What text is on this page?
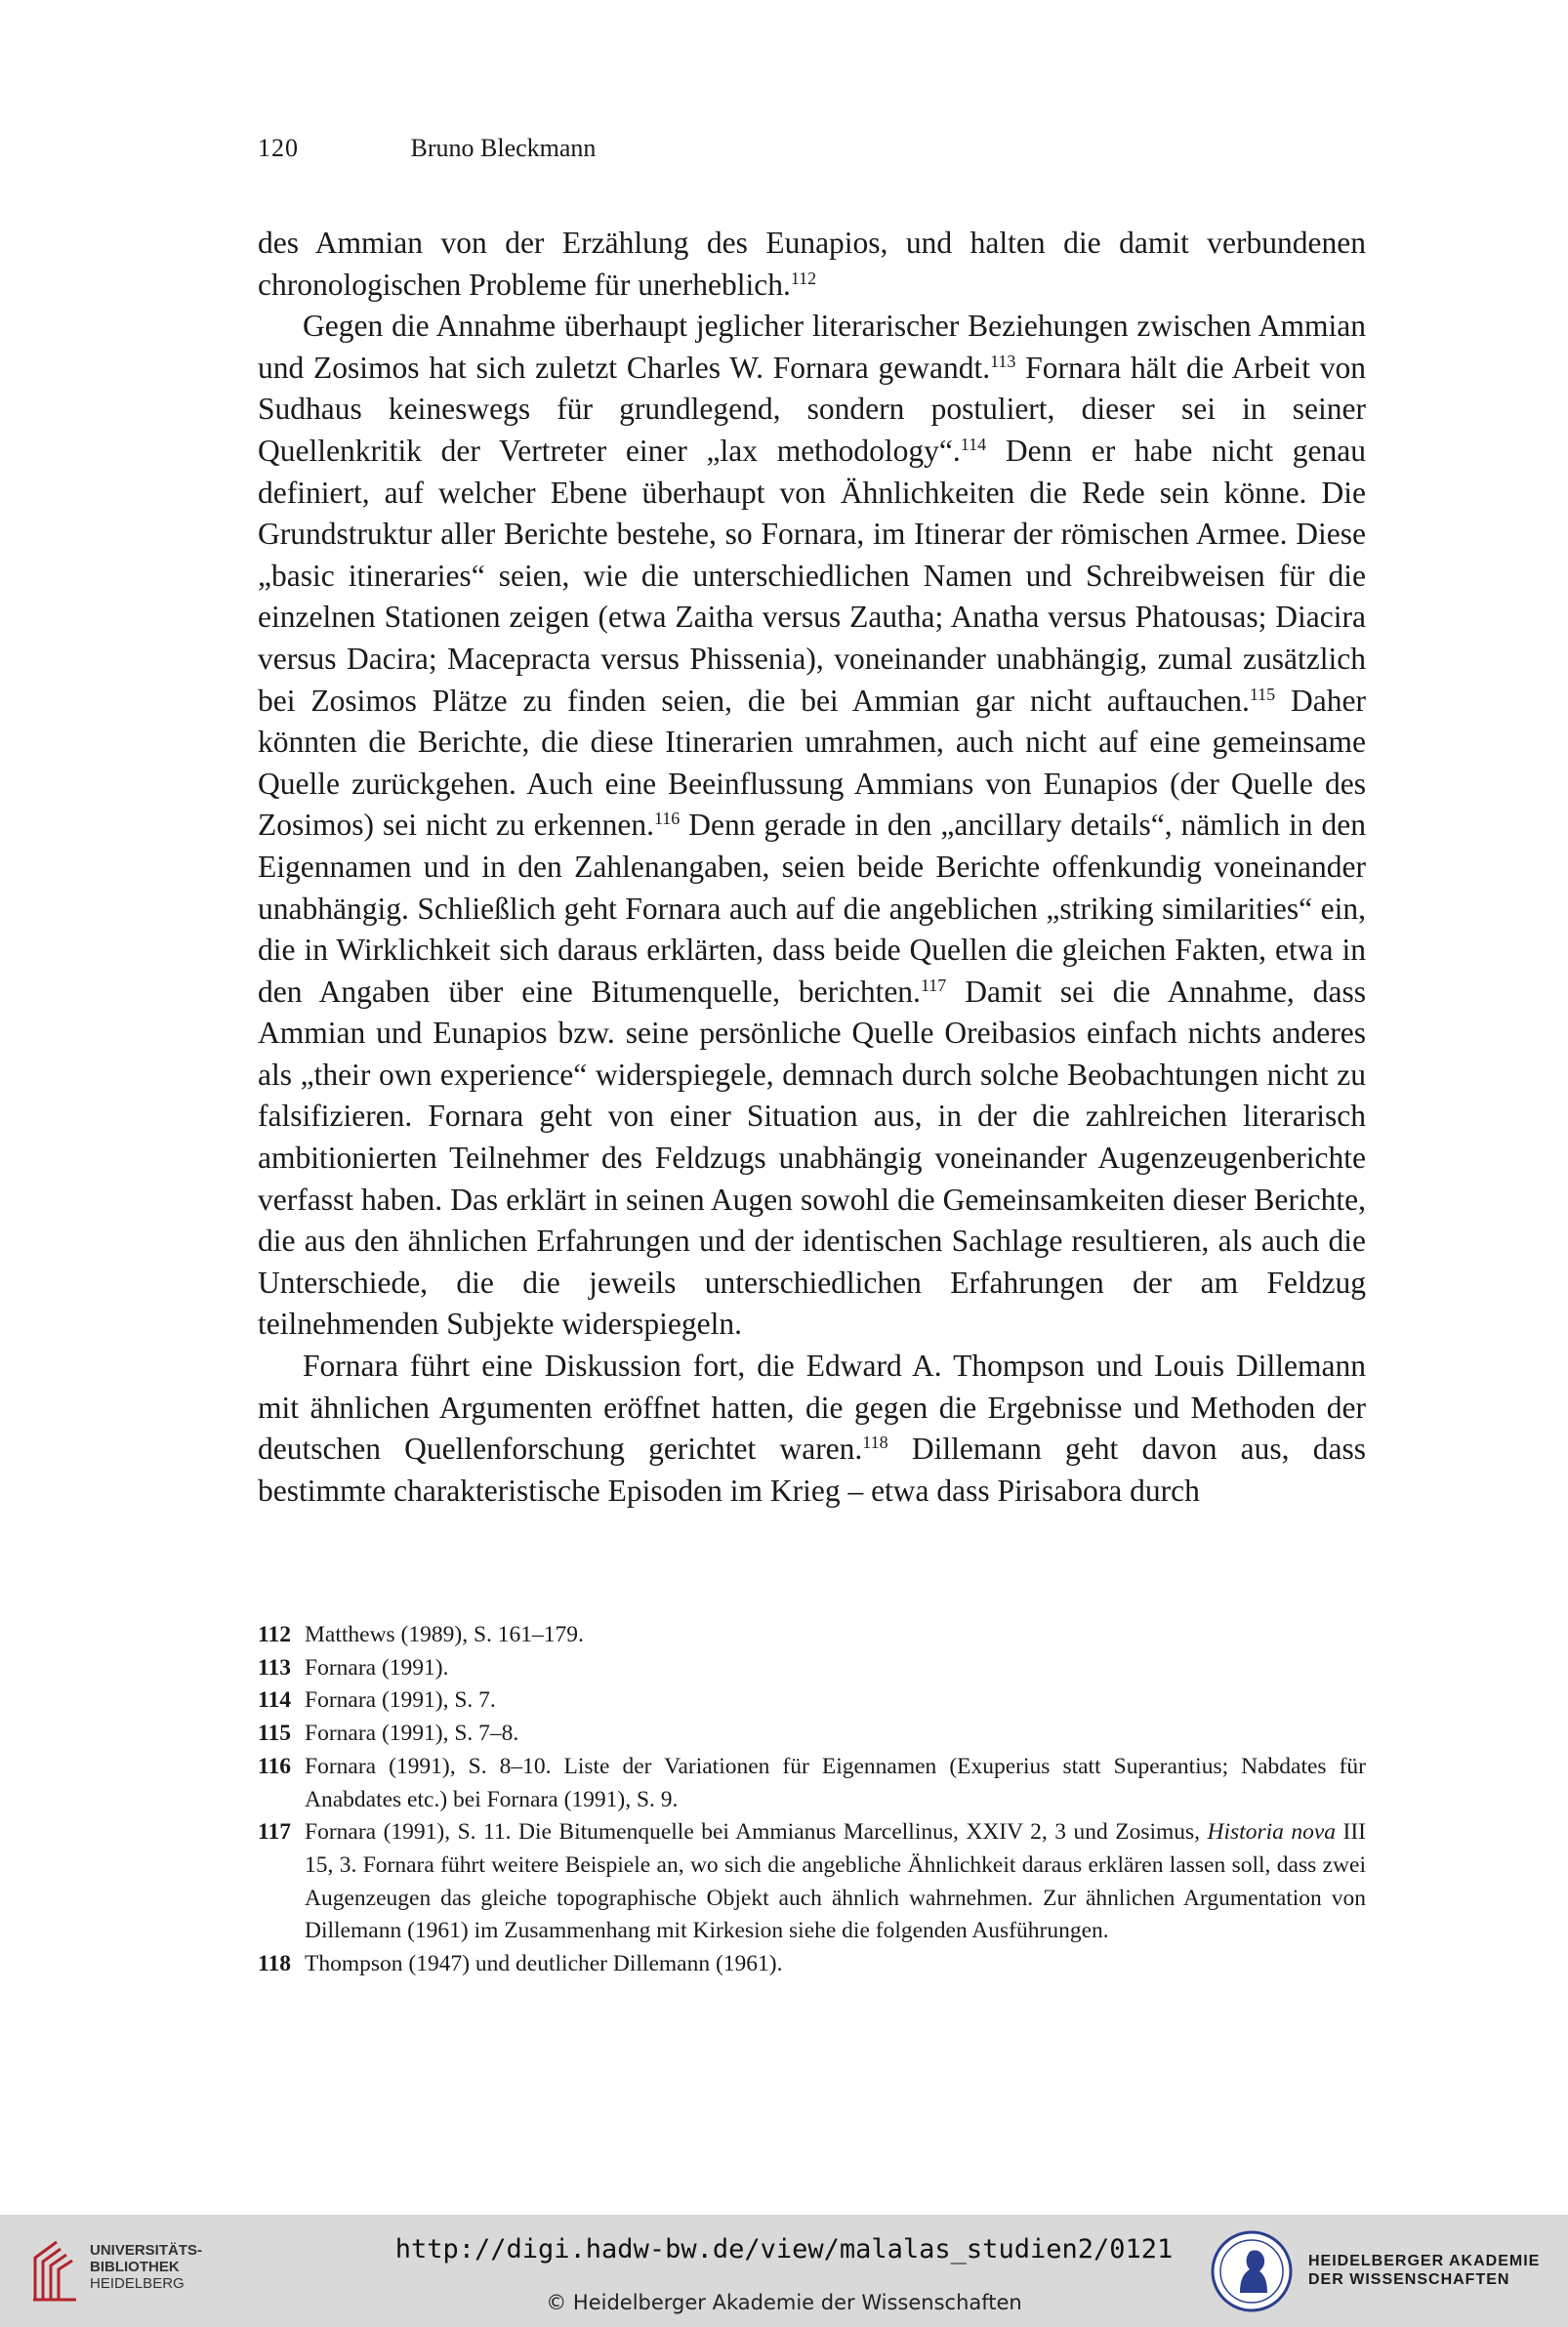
120	Bruno Bleckmann

des Ammian von der Erzählung des Eunapios, und halten die damit verbundenen chronologischen Probleme für unerheblich.$^{112}$

Gegen die Annahme überhaupt jeglicher literarischer Beziehungen zwischen Ammian und Zosimos hat sich zuletzt Charles W. Fornara gewandt.$^{113}$ Fornara hält die Arbeit von Sudhaus keineswegs für grundlegend, sondern postuliert, dieser sei in seiner Quellenkritik der Vertreter einer „lax methodology“.$^{114}$ Denn er habe nicht genau definiert, auf welcher Ebene überhaupt von Ähnlichkeiten die Rede sein könne. Die Grundstruktur aller Berichte bestehe, so Fornara, im Itinerar der römischen Armee. Diese „basic itineraries“ seien, wie die unterschiedlichen Namen und Schreibweisen für die einzelnen Stationen zeigen (etwa Zaitha versus Zautha; Anatha versus Phatousas; Diacira versus Dacira; Macepracta versus Phissenia), voneinander unabhängig, zumal zusätzlich bei Zosimos Plätze zu finden seien, die bei Ammian gar nicht auftauchen.$^{115}$ Daher könnten die Berichte, die diese Itinerarien umrahmen, auch nicht auf eine gemeinsame Quelle zurückgehen. Auch eine Beeinflussung Ammians von Eunapios (der Quelle des Zosimos) sei nicht zu erkennen.$^{116}$ Denn gerade in den „ancillary details“, nämlich in den Eigennamen und in den Zahlenangaben, seien beide Berichte offenkundig voneinander unabhängig. Schließlich geht Fornara auch auf die angeblichen „striking similarities“ ein, die in Wirklichkeit sich daraus erklärten, dass beide Quellen die gleichen Fakten, etwa in den Angaben über eine Bitumenquelle, berichten.$^{117}$ Damit sei die Annahme, dass Ammian und Eunapios bzw. seine persönliche Quelle Oreibasios einfach nichts anderes als „their own experience“ widerspiegele, demnach durch solche Beobachtungen nicht zu falsifizieren. Fornara geht von einer Situation aus, in der die zahlreichen literarisch ambitionierten Teilnehmer des Feldzugs unabhängig voneinander Augenzeugenberichte verfasst haben. Das erklärt in seinen Augen sowohl die Gemeinsamkeiten dieser Berichte, die aus den ähnlichen Erfahrungen und der identischen Sachlage resultieren, als auch die Unterschiede, die die jeweils unterschiedlichen Erfahrungen der am Feldzug teilnehmenden Subjekte widerspiegeln.

Fornara führt eine Diskussion fort, die Edward A. Thompson und Louis Dillemann mit ähnlichen Argumenten eröffnet hatten, die gegen die Ergebnisse und Methoden der deutschen Quellenforschung gerichtet waren.$^{118}$ Dillemann geht davon aus, dass bestimmte charakteristische Episoden im Krieg – etwa dass Pirisabora durch

112 Matthews (1989), S. 161–179.
113 Fornara (1991).
114 Fornara (1991), S. 7.
115 Fornara (1991), S. 7–8.
116 Fornara (1991), S. 8–10. Liste der Variationen für Eigennamen (Exuperius statt Superantius; Nabdates für Anabdates etc.) bei Fornara (1991), S. 9.
117 Fornara (1991), S. 11. Die Bitumenquelle bei Ammianus Marcellinus, XXIV 2, 3 und Zosimus, Historia nova III 15, 3. Fornara führt weitere Beispiele an, wo sich die angebliche Ähnlichkeit daraus erklären lassen soll, dass zwei Augenzeugen das gleiche topographische Objekt auch ähnlich wahrnehmen. Zur ähnlichen Argumentation von Dillemann (1961) im Zusammenhang mit Kirkesion siehe die folgenden Ausführungen.
118 Thompson (1947) und deutlicher Dillemann (1961).
UNIVERSITÄTS-
BIBLIOTHEK
HEIDELBERG
http://digi.hadw-bw.de/view/malalas_studien2/0121
© Heidelberger Akademie der Wissenschaften
HEIDELBERGER AKADEMIE
DER WISSENSCHAFTEN
